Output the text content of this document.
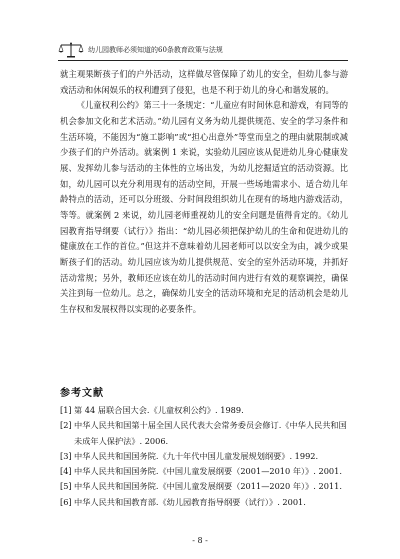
幼儿园教师必须知道的60条教育政策与法规

就主观果断孩子们的户外活动，这样做尽管保障了幼儿的安全，但幼儿参与游戏活动和休闲娱乐的权利遭到了侵犯，也是不利于幼儿的身心和谐发展的。

《儿童权利公约》第三十一条规定：“儿童应有时间休息和游戏，有同等的机会参加文化和艺术活动。”幼儿园有义务为幼儿提供规范、安全的学习条件和生活环境，不能因为“施工影响”或“担心出意外”等堂而皇之的理由就限制或减少孩子们的户外活动。就案例 1 来说，实验幼儿园应该从促进幼儿身心健康发展、发挥幼儿参与活动的主体性的立场出发，为幼儿挖掘适宜的活动资源。比如，幼儿园可以充分利用现有的活动空间，开展一些场地需求小、适合幼儿年龄特点的活动，还可以分班级、分时间段组织幼儿在现有的场地内游戏活动，等等。就案例 2 来说，幼儿园老师重视幼儿的安全问题是值得肯定的。《幼儿园教育指导纲要（试行）》指出：“幼儿园必须把保护幼儿的生命和促进幼儿的健康放在工作的首位。”但这并不意味着幼儿园老师可以以安全为由，减少或果断孩子们的活动。幼儿园应该为幼儿提供规范、安全的室外活动环境，并抓好活动常规；另外，教师还应该在幼儿的活动时间内进行有效的观察调控，确保关注到每一位幼儿。总之，确保幼儿安全的活动环境和充足的活动机会是幼儿生存权和发展权得以实现的必要条件。

参考文献
[1] 第 44 届联合国大会.《儿童权利公约》. 1989.
[2] 中华人民共和国第十届全国人民代表大会常务委员会修订.《中华人民共和国未成年人保护法》. 2006.
[3] 中华人民共和国国务院.《九十年代中国儿童发展规划纲要》. 1992.
[4] 中华人民共和国国务院.《中国儿童发展纲要（2001—2010 年）》. 2001.
[5] 中华人民共和国国务院.《中国儿童发展纲要（2011—2020 年）》. 2011.
[6] 中华人民共和国教育部.《幼儿园教育指导纲要（试行）》. 2001.
- 8 -
